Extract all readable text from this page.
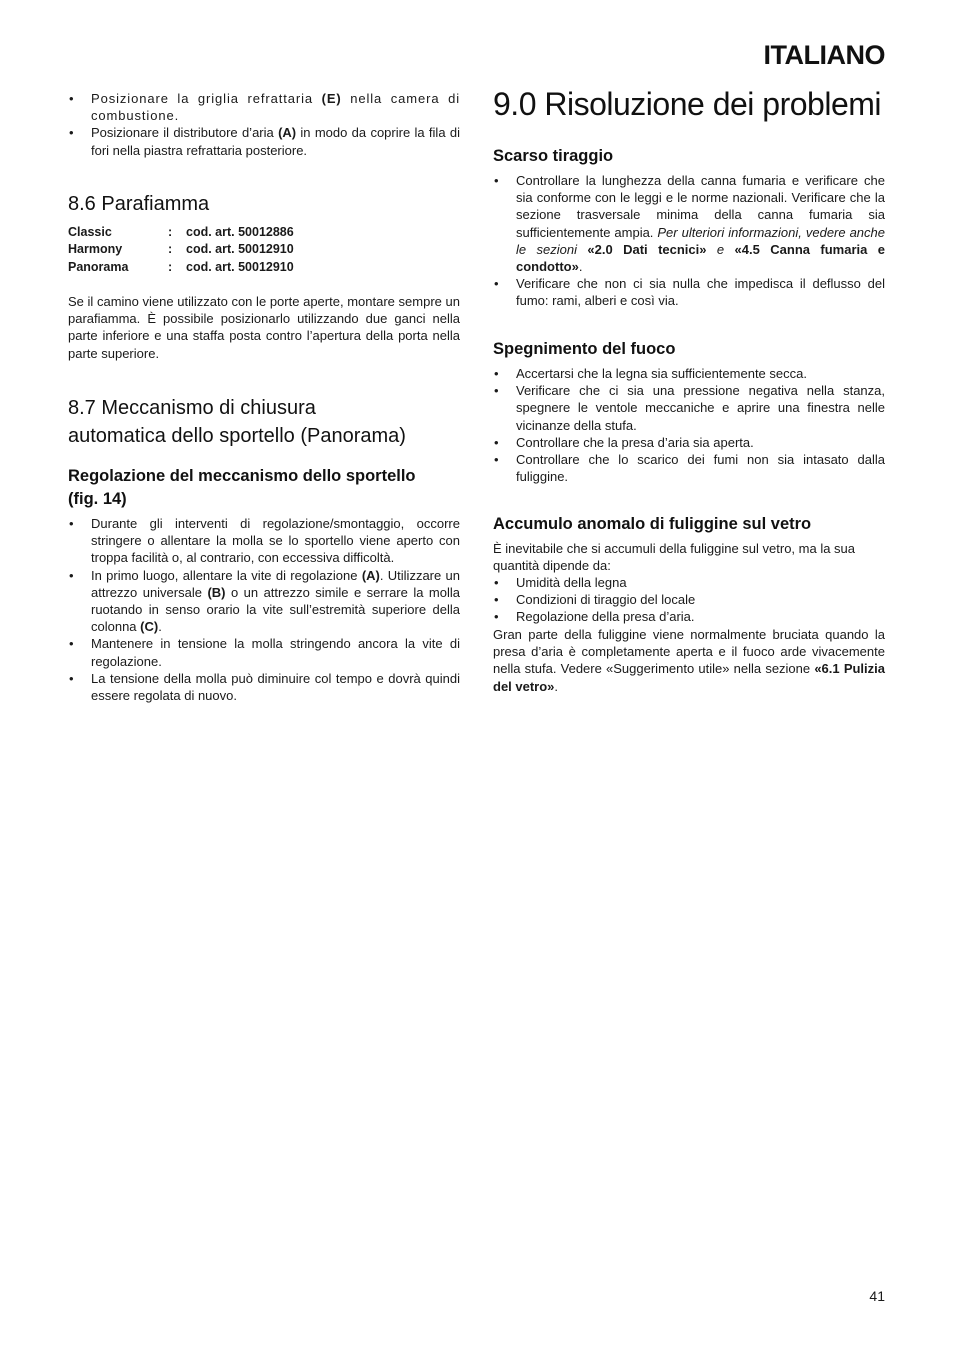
ITALIANO
• Posizionare la griglia refrattaria (E) nella camera di combustione.
• Posizionare il distributore d’aria (A) in modo da coprire la fila di fori nella piastra refrattaria posteriore.
8.6 Parafiamma
Classic	:	cod. art. 50012886
Harmony	:	cod. art. 50012910
Panorama	:	cod. art. 50012910

Se il camino viene utilizzato con le porte aperte, montare sempre un parafiamma. È possibile posizionarlo utilizzando due ganci nella parte inferiore e una staffa posta contro l’apertura della porta nella parte superiore.

8.7 Meccanismo di chiusura
automatica dello sportello (Panorama)
Regolazione del meccanismo dello sportello
(fig. 14)
• Durante gli interventi di regolazione/smontaggio, occorre stringere o allentare la molla se lo sportello viene aperto con troppa facilità o, al contrario, con eccessiva difficoltà.
• In primo luogo, allentare la vite di regolazione (A). Utilizzare un attrezzo universale (B) o un attrezzo simile e serrare la molla ruotando in senso orario la vite sull’estremità superiore della colonna (C).
• Mantenere in tensione la molla stringendo ancora la vite di regolazione.
• La tensione della molla può diminuire col tempo e dovrà quindi essere regolata di nuovo.
9.0 Risoluzione dei problemi
Scarso tiraggio
• Controllare la lunghezza della canna fumaria e verificare che sia conforme con le leggi e le norme nazionali. Verificare che la sezione trasversale minima della canna fumaria sia sufficientemente ampia. Per ulteriori informazioni, vedere anche le sezioni «2.0 Dati tecnici» e «4.5 Canna fumaria e condotto».
• Verificare che non ci sia nulla che impedisca il deflusso del fumo: rami, alberi e così via.
Spegnimento del fuoco
• Accertarsi che la legna sia sufficientemente secca.
• Verificare che ci sia una pressione negativa nella stanza, spegnere le ventole meccaniche e aprire una finestra nelle vicinanze della stufa.
• Controllare che la presa d’aria sia aperta.
• Controllare che lo scarico dei fumi non sia intasato dalla fuliggine.
Accumulo anomalo di fuliggine sul vetro

È inevitabile che si accumuli della fuliggine sul vetro, ma la sua quantità dipende da:

• Umidità della legna
• Condizioni di tiraggio del locale
• Regolazione della presa d’aria.

Gran parte della fuliggine viene normalmente bruciata quando la presa d’aria è completamente aperta e il fuoco arde vivacemente nella stufa. Vedere «Suggerimento utile» nella sezione «6.1 Pulizia del vetro».

41
